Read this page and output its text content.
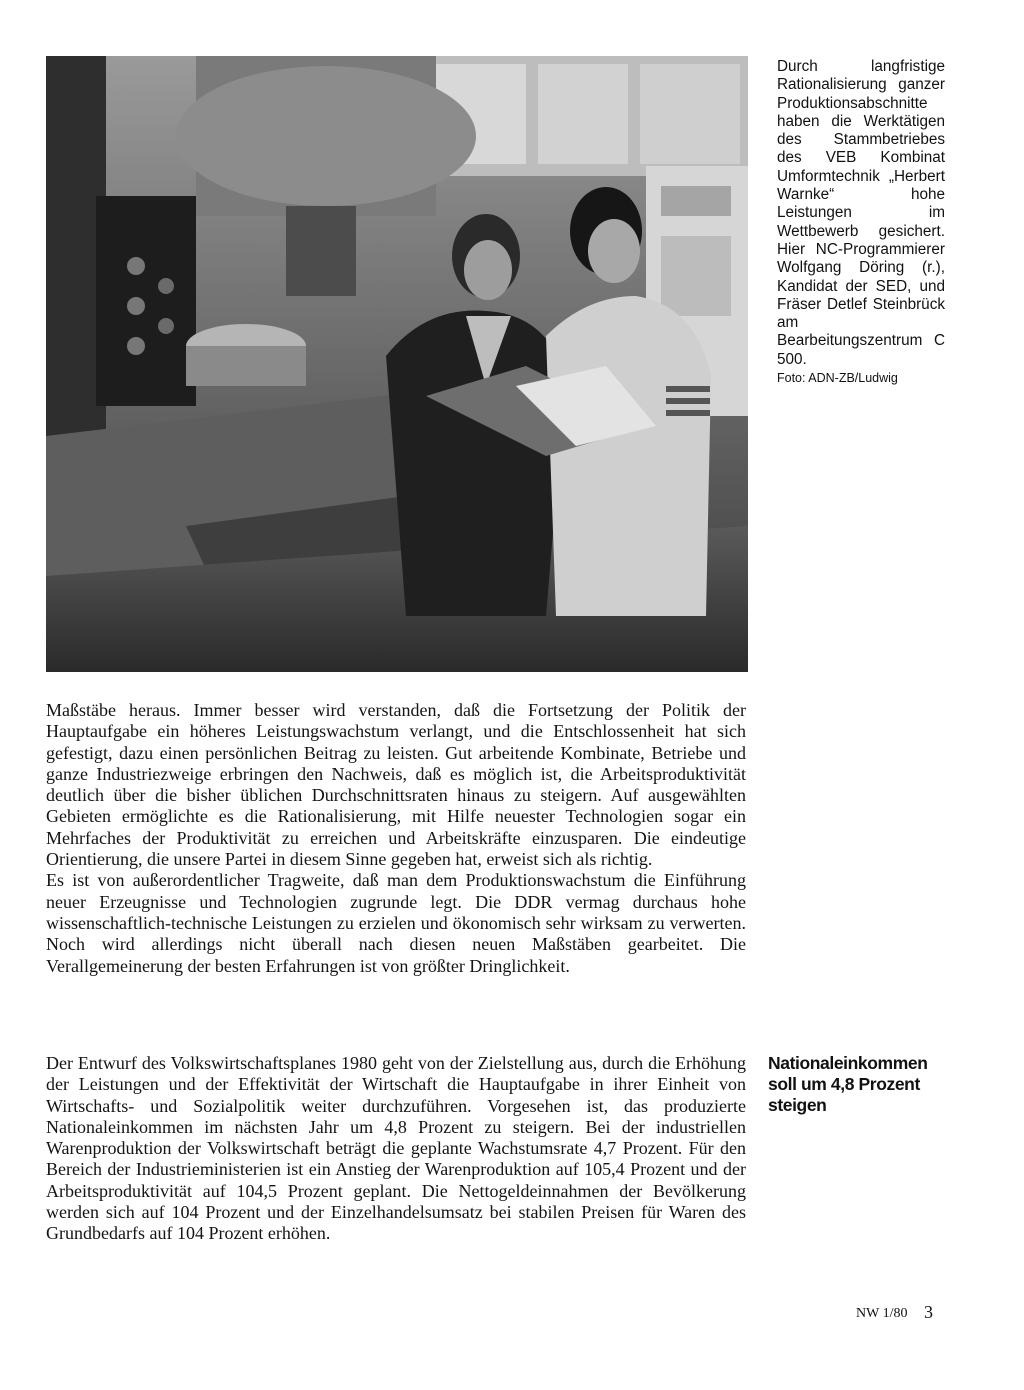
Durch langfristige Rationalisierung ganzer Produktionsabschnitte haben die Werktätigen des Stammbetriebes des VEB Kombinat Umformtechnik „Herbert Warnke“ hohe Leistungen im Wettbewerb gesichert. Hier NC-Programmierer Wolfgang Döring (r.), Kandidat der SED, und Fräser Detlef Steinbrück am Bearbeitungszentrum C 500.
Foto: ADN-ZB/Ludwig

Maßstäbe heraus. Immer besser wird verstanden, daß die Fortsetzung der Politik der Hauptaufgabe ein höheres Leistungswachstum verlangt, und die Entschlossenheit hat sich gefestigt, dazu einen persönlichen Beitrag zu leisten. Gut arbeitende Kombinate, Betriebe und ganze Industriezweige erbringen den Nachweis, daß es möglich ist, die Arbeitsproduktivität deutlich über die bisher üblichen Durchschnittsraten hinaus zu steigern. Auf ausgewählten Gebieten ermöglichte es die Rationalisierung, mit Hilfe neuester Technologien sogar ein Mehrfaches der Produktivität zu erreichen und Arbeitskräfte einzusparen. Die eindeutige Orientierung, die unsere Partei in diesem Sinne gegeben hat, erweist sich als richtig.

Es ist von außerordentlicher Tragweite, daß man dem Produktionswachstum die Einführung neuer Erzeugnisse und Technologien zugrunde legt. Die DDR vermag durchaus hohe wissenschaftlich-technische Leistungen zu erzielen und ökonomisch sehr wirksam zu verwerten. Noch wird allerdings nicht überall nach diesen neuen Maßstäben gearbeitet. Die Verallgemeinerung der besten Erfahrungen ist von größter Dringlichkeit.

Der Entwurf des Volkswirtschaftsplanes 1980 geht von der Zielstellung aus, durch die Erhöhung der Leistungen und der Effektivität der Wirtschaft die Hauptaufgabe in ihrer Einheit von Wirtschafts- und Sozialpolitik weiter durchzuführen. Vorgesehen ist, das produzierte Nationaleinkommen im nächsten Jahr um 4,8 Prozent zu steigern. Bei der industriellen Warenproduktion der Volkswirtschaft beträgt die geplante Wachstumsrate 4,7 Prozent. Für den Bereich der Industrieministerien ist ein Anstieg der Warenproduktion auf 105,4 Prozent und der Arbeitsproduktivität auf 104,5 Prozent geplant. Die Nettogeldeinnahmen der Bevölkerung werden sich auf 104 Prozent und der Einzelhandelsumsatz bei stabilen Preisen für Waren des Grundbedarfs auf 104 Prozent erhöhen.

Nationaleinkommen soll um 4,8 Prozent steigen
NW 1/80 3
